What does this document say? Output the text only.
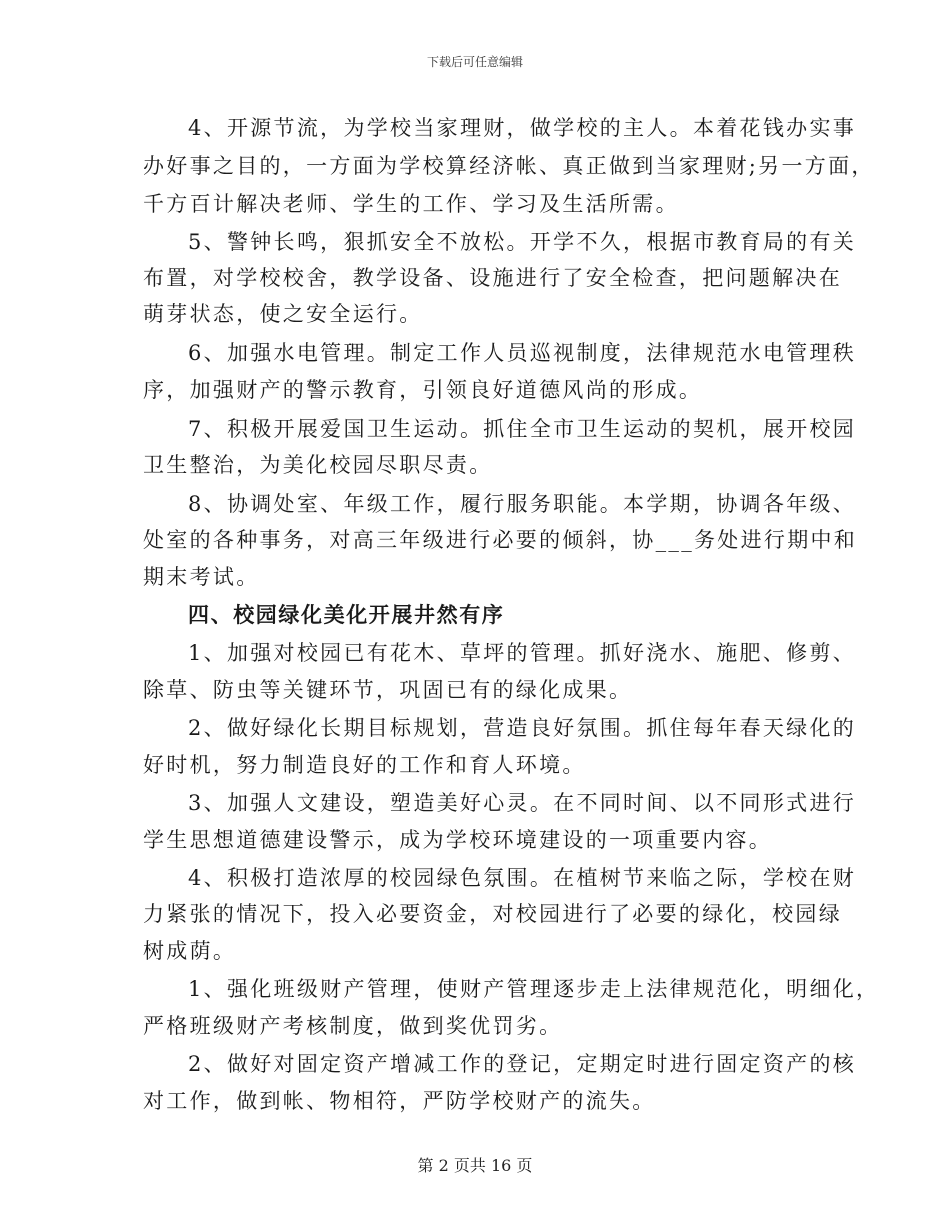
下载后可任意编辑
4、开源节流，为学校当家理财，做学校的主人。本着花钱办实事
办好事之目的，一方面为学校算经济帐、真正做到当家理财;另一方面，
千方百计解决老师、学生的工作、学习及生活所需。
5、警钟长鸣，狠抓安全不放松。开学不久，根据市教育局的有关
布置，对学校校舍，教学设备、设施进行了安全检查，把问题解决在
萌芽状态，使之安全运行。
6、加强水电管理。制定工作人员巡视制度，法律规范水电管理秩
序，加强财产的警示教育，引领良好道德风尚的形成。
7、积极开展爱国卫生运动。抓住全市卫生运动的契机，展开校园
卫生整治，为美化校园尽职尽责。
8、协调处室、年级工作，履行服务职能。本学期，协调各年级、
处室的各种事务，对高三年级进行必要的倾斜，协___务处进行期中和
期末考试。
四、校园绿化美化开展井然有序
1、加强对校园已有花木、草坪的管理。抓好浇水、施肥、修剪、
除草、防虫等关键环节，巩固已有的绿化成果。
2、做好绿化长期目标规划，营造良好氛围。抓住每年春天绿化的
好时机，努力制造良好的工作和育人环境。
3、加强人文建设，塑造美好心灵。在不同时间、以不同形式进行
学生思想道德建设警示，成为学校环境建设的一项重要内容。
4、积极打造浓厚的校园绿色氛围。在植树节来临之际，学校在财
力紧张的情况下，投入必要资金，对校园进行了必要的绿化，校园绿
树成荫。
1、强化班级财产管理，使财产管理逐步走上法律规范化，明细化，
严格班级财产考核制度，做到奖优罚劣。
2、做好对固定资产增减工作的登记，定期定时进行固定资产的核
对工作，做到帐、物相符，严防学校财产的流失。
第 2 页共 16 页
